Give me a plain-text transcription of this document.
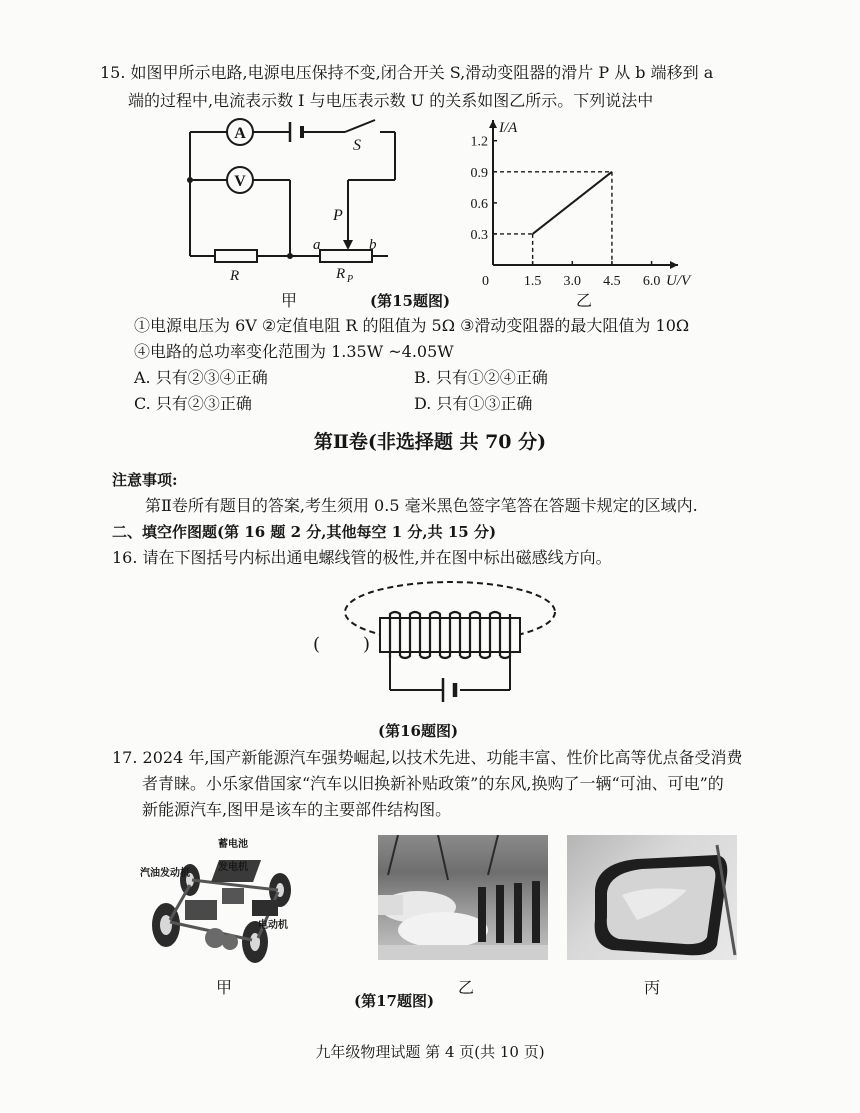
15. 如图甲所示电路,电源电压保持不变,闭合开关 S,滑动变阻器的滑片 P 从 b 端移到 a
端的过程中,电流表示数 I 与电压表示数 U 的关系如图乙所示。下列说法中
A
V
S
P
a	b
R	R P
I/A
U/V
0 1.5 3.0 4.5 6.0
0.3
0.6
0.9
1.2
甲	(第15题图)	乙
①电源电压为 6V ②定值电阻 R 的阻值为 5Ω ③滑动变阻器的最大阻值为 10Ω
④电路的总功率变化范围为 1.35W ~4.05W
A. 只有②③④正确	B. 只有①②④正确
C. 只有②③正确	D. 只有①③正确
第Ⅱ卷(非选择题 共 70 分)
注意事项:
第Ⅱ卷所有题目的答案,考生须用 0.5 毫米黑色签字笔答在答题卡规定的区域内.
二、填空作图题(第 16 题 2 分,其他每空 1 分,共 15 分)
16. 请在下图括号内标出通电螺线管的极性,并在图中标出磁感线方向。
( )
(第16题图)
17. 2024 年,国产新能源汽车强势崛起,以技术先进、功能丰富、性价比高等优点备受消费
者青睐。小乐家借国家“汽车以旧换新补贴政策”的东风,换购了一辆“可油、可电”的
新能源汽车,图甲是该车的主要部件结构图。
蓄电池
汽油发动机
发电机
电动机
甲
(第17题图)
乙	丙
九年级物理试题 第 4 页(共 10 页)
